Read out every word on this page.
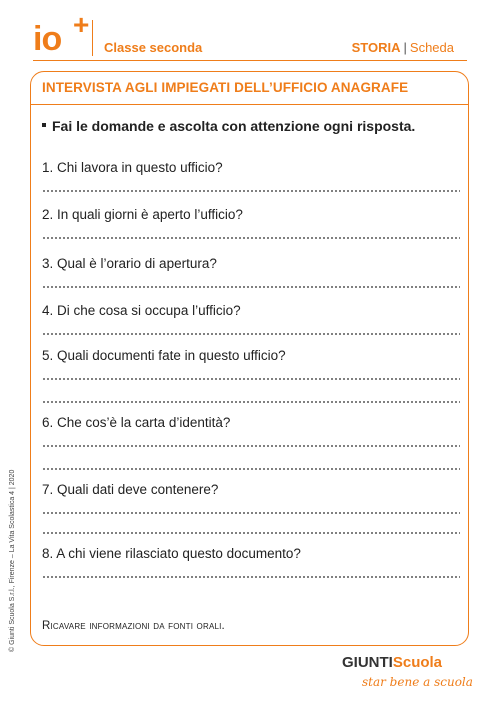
io +
Classe seconda	STORIA | Scheda
INTERVISTA AGLI IMPIEGATI DELL’UFFICIO ANAGRAFE
Fai le domande e ascolta con attenzione ogni risposta.
1. Chi lavora in questo ufficio?
2. In quali giorni è aperto l’ufficio?
3. Qual è l’orario di apertura?
4. Di che cosa si occupa l’ufficio?
5. Quali documenti fate in questo ufficio?
6. Che cos’è la carta d’identità?
7. Quali dati deve contenere?
8. A chi viene rilasciato questo documento?
Ricavare informazioni da fonti orali.
© Giunti Scuola S.r.l., Firenze – La Vita Scolastica 4 | 2020
GIUNTIScuola
star bene a scuola
